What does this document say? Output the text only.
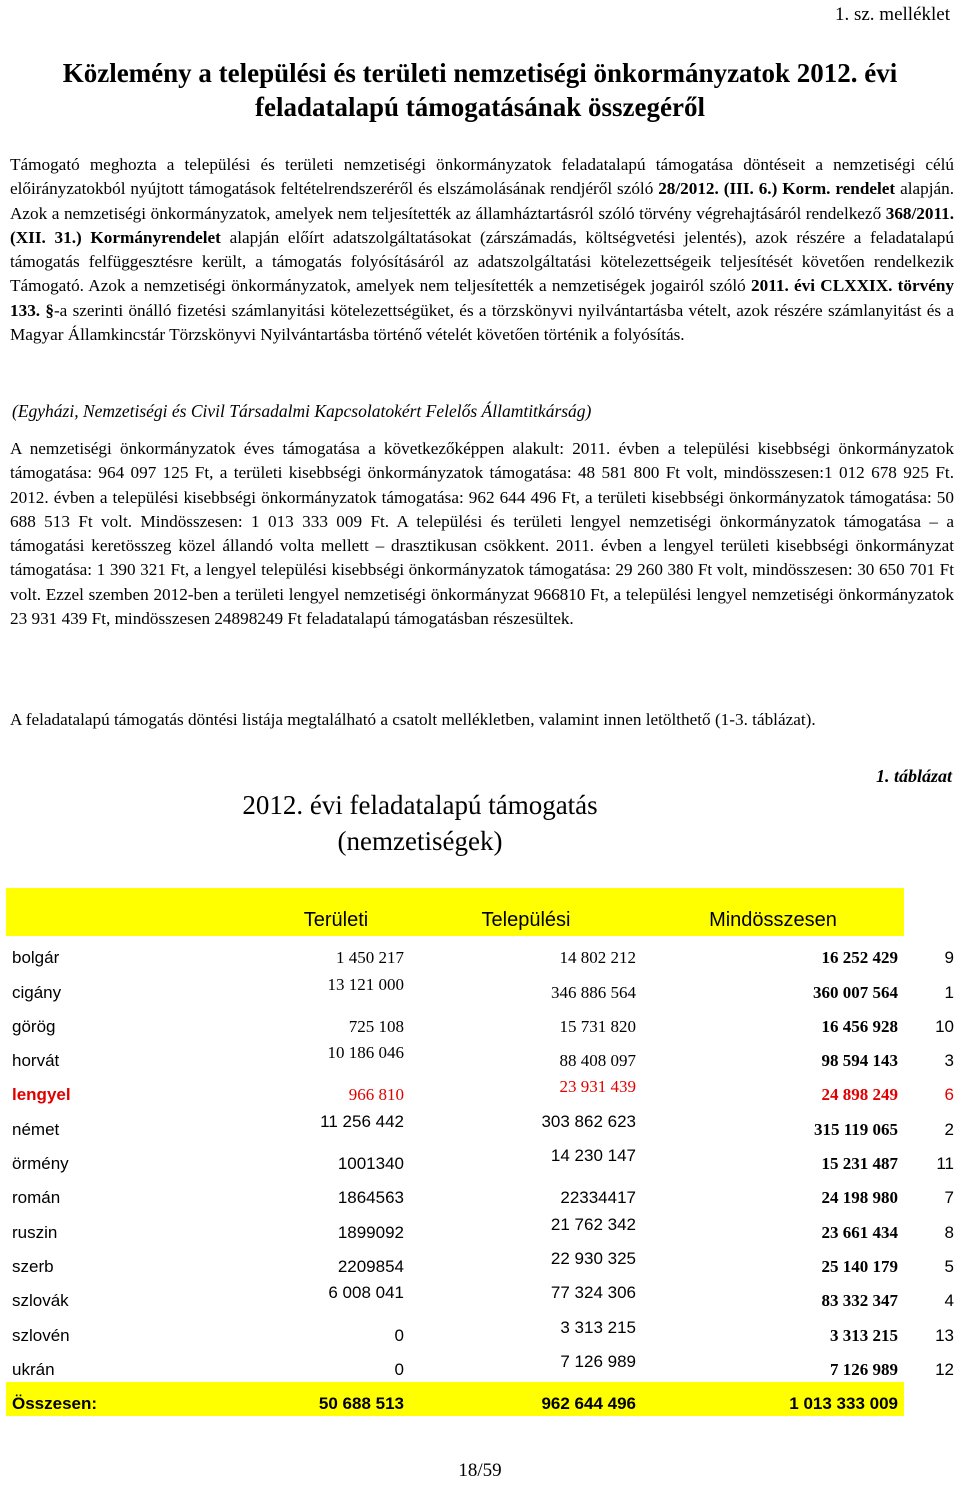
1. sz. melléklet
Közlemény a települési és területi nemzetiségi önkormányzatok 2012. évi
feladatalapú támogatásának összegéről

Támogató meghozta a települési és területi nemzetiségi önkormányzatok feladatalapú támogatása döntéseit a nemzetiségi célú előirányzatokból nyújtott támogatások feltételrendszeréről és elszámolásának rendjéről szóló 28/2012. (III. 6.) Korm. rendelet alapján. Azok a nemzetiségi önkormányzatok, amelyek nem teljesítették az államháztartásról szóló törvény végrehajtásáról rendelkező 368/2011. (XII. 31.) Kormányrendelet alapján előírt adatszolgáltatásokat (zárszámadás, költségvetési jelentés), azok részére a feladatalapú támogatás felfüggesztésre került, a támogatás folyósításáról az adatszolgáltatási kötelezettségeik teljesítését követően rendelkezik Támogató. Azok a nemzetiségi önkormányzatok, amelyek nem teljesítették a nemzetiségek jogairól szóló 2011. évi CLXXIX. törvény 133. §-a szerinti önálló fizetési számlanyitási kötelezettségüket, és a törzskönyvi nyilvántartásba vételt, azok részére számlanyitást és a Magyar Államkincstár Törzskönyvi Nyilvántartásba történő vételét követően történik a folyósítás.

(Egyházi, Nemzetiségi és Civil Társadalmi Kapcsolatokért Felelős Államtitkárság)

A nemzetiségi önkormányzatok éves támogatása a következőképpen alakult: 2011. évben a települési kisebbségi önkormányzatok támogatása: 964 097 125 Ft, a területi kisebbségi önkormányzatok támogatása: 48 581 800 Ft volt, mindösszesen:1 012 678 925 Ft. 2012. évben a települési kisebbségi önkormányzatok támogatása: 962 644 496 Ft, a területi kisebbségi önkormányzatok támogatása: 50 688 513 Ft volt. Mindösszesen: 1 013 333 009 Ft. A települési és területi lengyel nemzetiségi önkormányzatok támogatása – a támogatási keretösszeg közel állandó volta mellett – drasztikusan csökkent. 2011. évben a lengyel területi kisebbségi önkormányzat támogatása: 1 390 321 Ft, a lengyel települési kisebbségi önkormányzatok támogatása: 29 260 380 Ft volt, mindösszesen: 30 650 701 Ft volt. Ezzel szemben 2012-ben a területi lengyel nemzetiségi önkormányzat 966810 Ft, a települési lengyel nemzetiségi önkormányzatok 23 931 439 Ft, mindösszesen 24898249 Ft feladatalapú támogatásban részesültek.

A feladatalapú támogatás döntési listája megtalálható a csatolt mellékletben, valamint innen letölthető (1-3. táblázat).

1. táblázat
2012. évi feladatalapú támogatás
(nemzetiségek)
	Területi	Települési	Mindösszesen	
bolgár	1 450 217	14 802 212	16 252 429	9
cigány	13 121 000	346 886 564	360 007 564	1
görög	725 108	15 731 820	16 456 928	10
horvát	10 186 046	88 408 097	98 594 143	3
lengyel	966 810	23 931 439	24 898 249	6
német	11 256 442	303 862 623	315 119 065	2
örmény	1001340	14 230 147	15 231 487	11
román	1864563	22334417	24 198 980	7
ruszin	1899092	21 762 342	23 661 434	8
szerb	2209854	22 930 325	25 140 179	5
szlovák	6 008 041	77 324 306	83 332 347	4
szlovén	0	3 313 215	3 313 215	13
ukrán	0	7 126 989	7 126 989	12
Összesen:	50 688 513	962 644 496	1 013 333 009	
18/59
